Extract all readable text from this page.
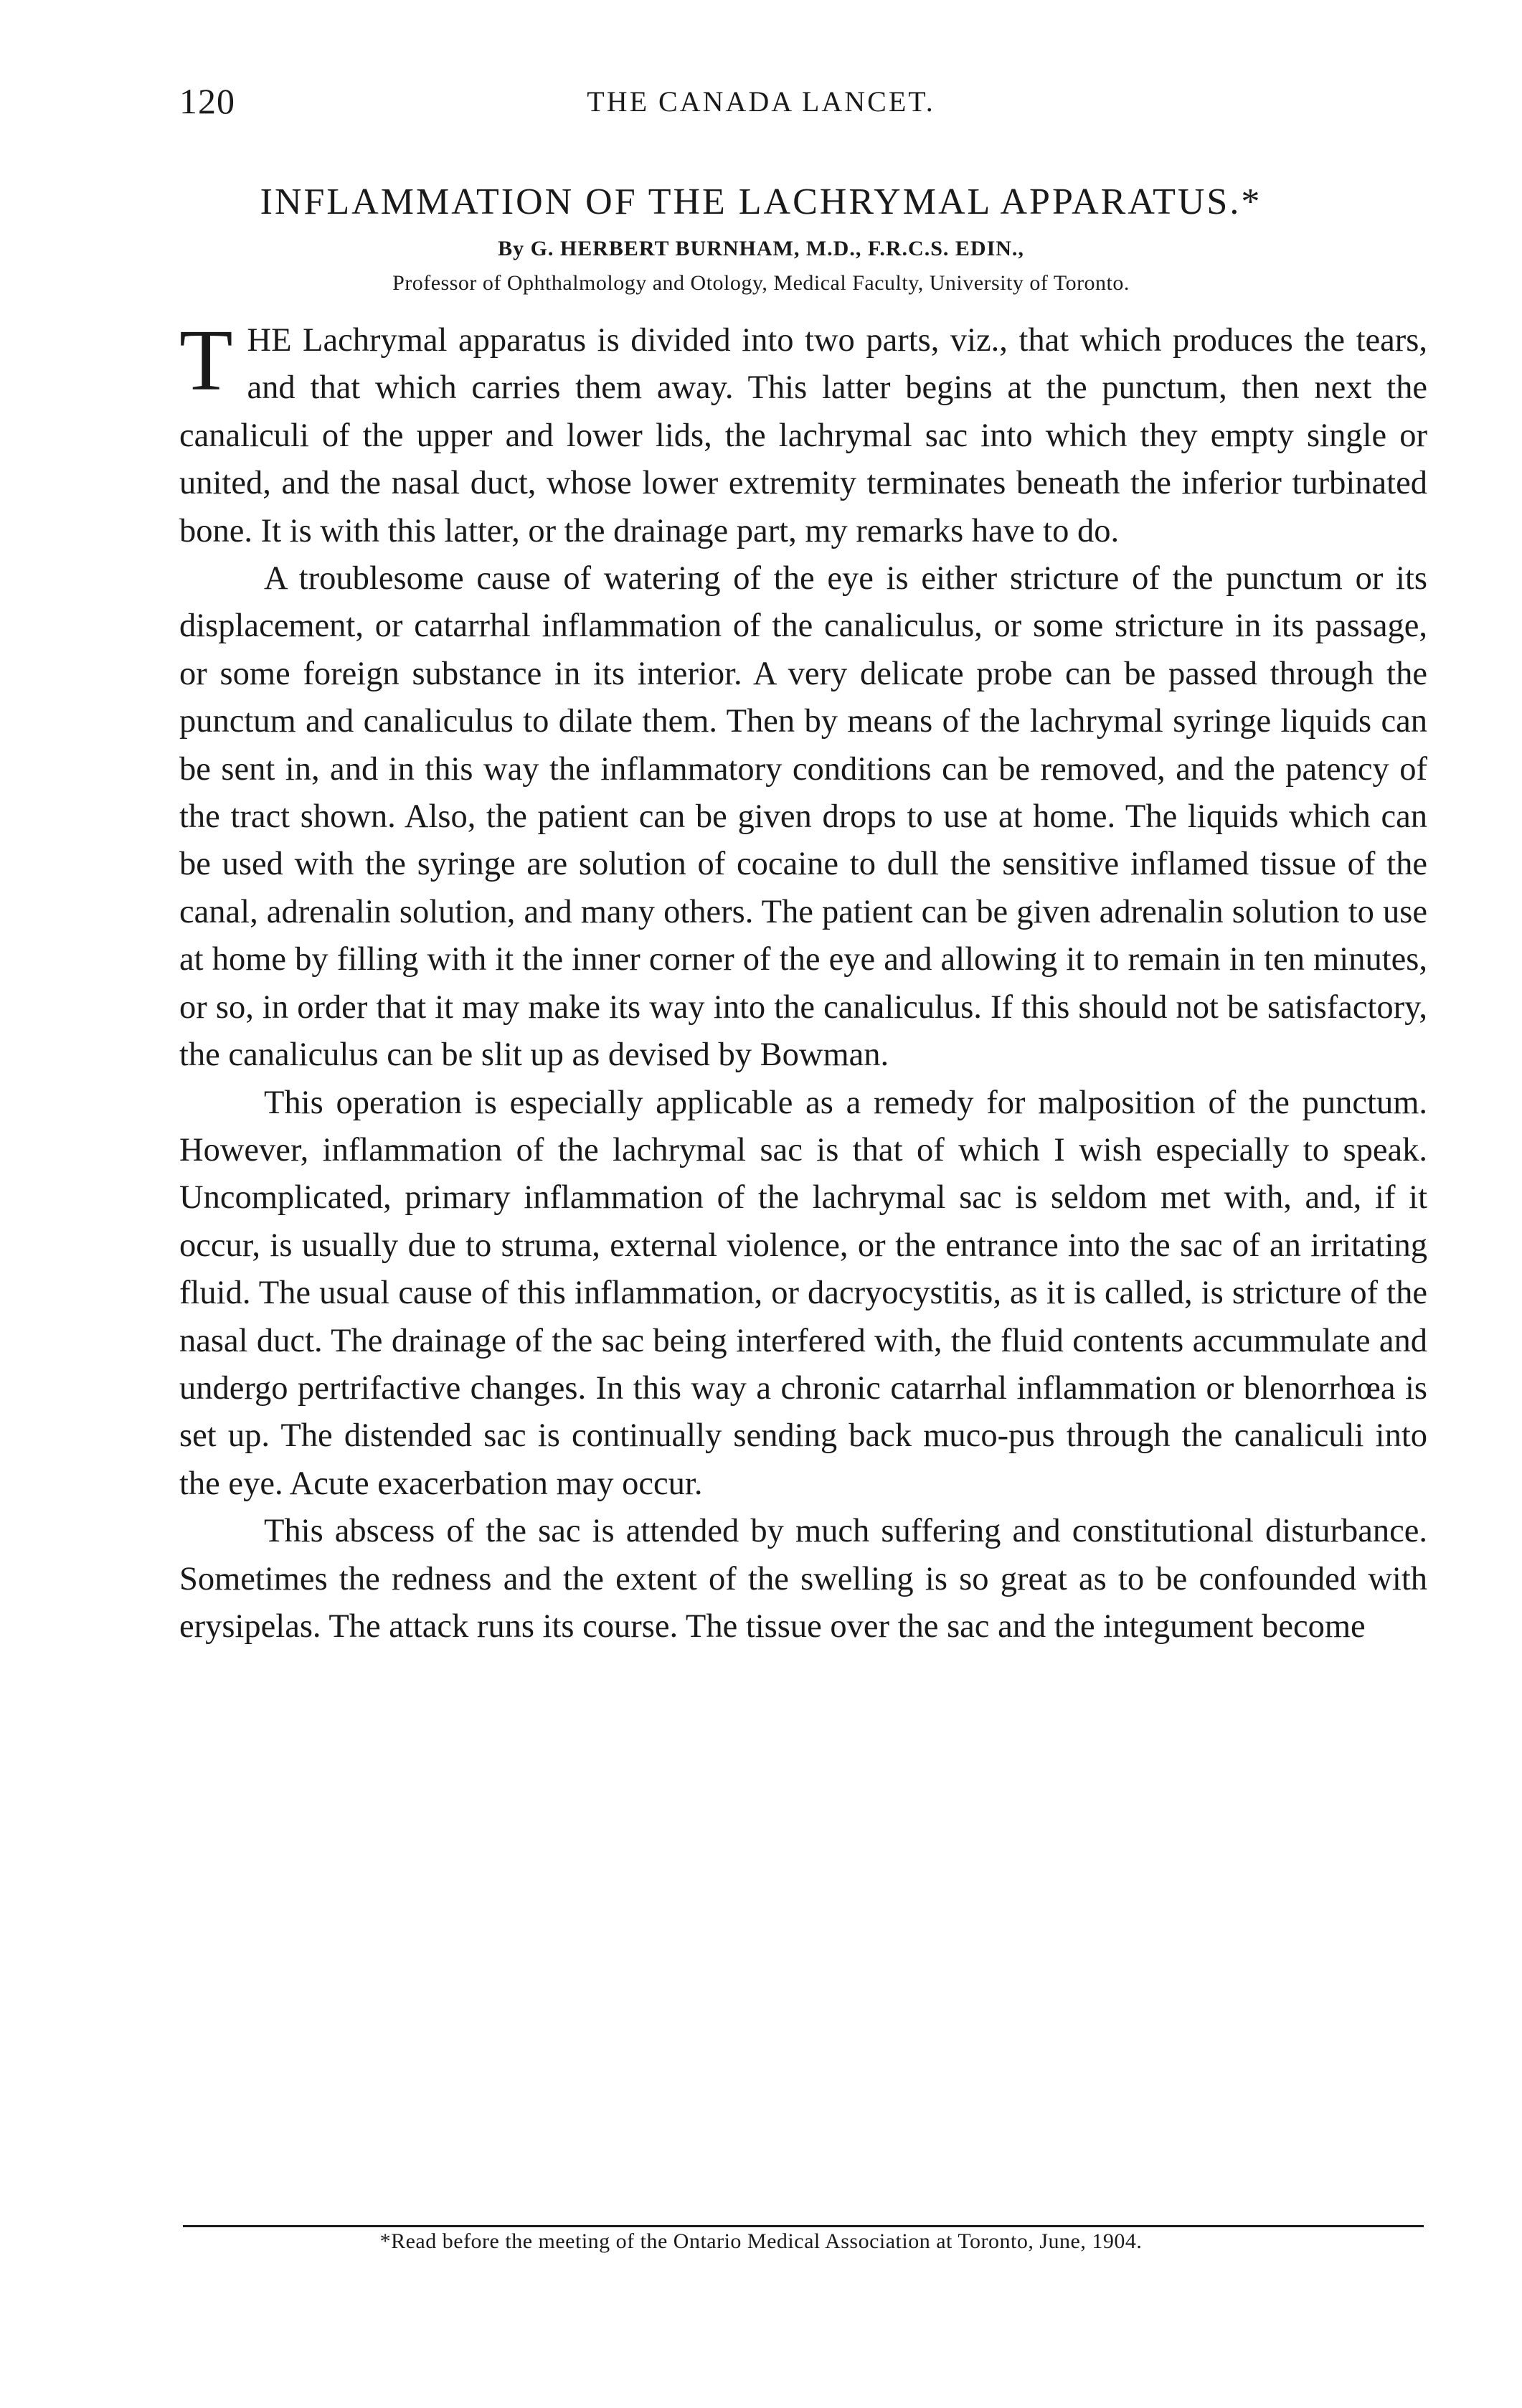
120	THE CANADA LANCET.
INFLAMMATION OF THE LACHRYMAL APPARATUS.*
By G. HERBERT BURNHAM, M.D., F.R.C.S. EDIN.,
Professor of Ophthalmology and Otology, Medical Faculty, University of Toronto.

THE Lachrymal apparatus is divided into two parts, viz., that which produces the tears, and that which carries them away. This latter begins at the punctum, then next the canaliculi of the upper and lower lids, the lachrymal sac into which they empty single or united, and the nasal duct, whose lower extremity terminates beneath the inferior turbinated bone. It is with this latter, or the drainage part, my remarks have to do.

A troublesome cause of watering of the eye is either stricture of the punctum or its displacement, or catarrhal inflammation of the canaliculus, or some stricture in its passage, or some foreign substance in its interior. A very delicate probe can be passed through the punctum and canaliculus to dilate them. Then by means of the lachrymal syringe liquids can be sent in, and in this way the inflammatory conditions can be removed, and the patency of the tract shown. Also, the patient can be given drops to use at home. The liquids which can be used with the syringe are solution of cocaine to dull the sensitive inflamed tissue of the canal, adrenalin solution, and many others. The patient can be given adrenalin solution to use at home by filling with it the inner corner of the eye and allowing it to remain in ten minutes, or so, in order that it may make its way into the canaliculus. If this should not be satisfactory, the canaliculus can be slit up as devised by Bowman.

This operation is especially applicable as a remedy for malposition of the punctum. However, inflammation of the lachrymal sac is that of which I wish especially to speak. Uncomplicated, primary inflammation of the lachrymal sac is seldom met with, and, if it occur, is usually due to struma, external violence, or the entrance into the sac of an irritating fluid. The usual cause of this inflammation, or dacryocystitis, as it is called, is stricture of the nasal duct. The drainage of the sac being interfered with, the fluid contents accummulate and undergo pertrifactive changes. In this way a chronic catarrhal inflammation or blenorrhœa is set up. The distended sac is continually sending back muco-pus through the canaliculi into the eye. Acute exacerbation may occur.

This abscess of the sac is attended by much suffering and constitutional disturbance. Sometimes the redness and the extent of the swelling is so great as to be confounded with erysipelas. The attack runs its course. The tissue over the sac and the integument become

*Read before the meeting of the Ontario Medical Association at Toronto, June, 1904.
